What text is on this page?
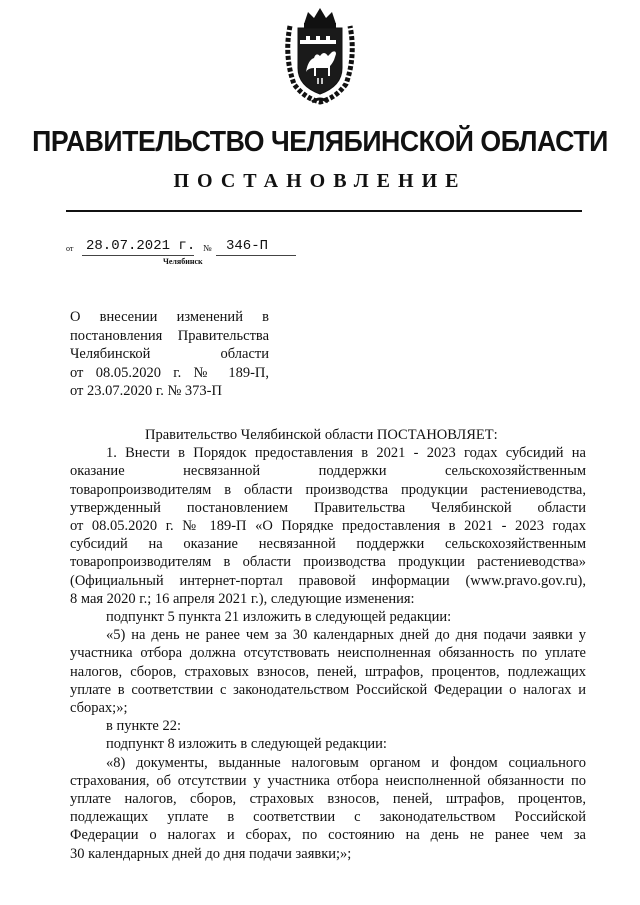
ПРАВИТЕЛЬСТВО ЧЕЛЯБИНСКОЙ ОБЛАСТИ
ПОСТАНОВЛЕНИЕ
от 28.07.2021 г. № 346-П
Челябинск
О внесении изменений в
постановления Правительства
Челябинской области
от 08.05.2020 г. № 189-П,
от 23.07.2020 г. № 373-П
Правительство Челябинской области ПОСТАНОВЛЯЕТ:
1. Внести в Порядок предоставления в 2021 - 2023 годах субсидий на
оказание несвязанной поддержки сельскохозяйственным
товаропроизводителям в области производства продукции растениеводства,
утвержденный постановлением Правительства Челябинской области
от 08.05.2020 г. № 189-П «О Порядке предоставления в 2021 - 2023 годах
субсидий на оказание несвязанной поддержки сельскохозяйственным
товаропроизводителям в области производства продукции растениеводства»
(Официальный интернет-портал правовой информации (www.pravo.gov.ru),
8 мая 2020 г.; 16 апреля 2021 г.), следующие изменения:
подпункт 5 пункта 21 изложить в следующей редакции:
«5) на день не ранее чем за 30 календарных дней до дня подачи заявки у
участника отбора должна отсутствовать неисполненная обязанность по уплате
налогов, сборов, страховых взносов, пеней, штрафов, процентов, подлежащих
уплате в соответствии с законодательством Российской Федерации о налогах и
сборах;»;
в пункте 22:
подпункт 8 изложить в следующей редакции:
«8) документы, выданные налоговым органом и фондом социального
страхования, об отсутствии у участника отбора неисполненной обязанности по
уплате налогов, сборов, страховых взносов, пеней, штрафов, процентов,
подлежащих уплате в соответствии с законодательством Российской
Федерации о налогах и сборах, по состоянию на день не ранее чем за
30 календарных дней до дня подачи заявки;»;
